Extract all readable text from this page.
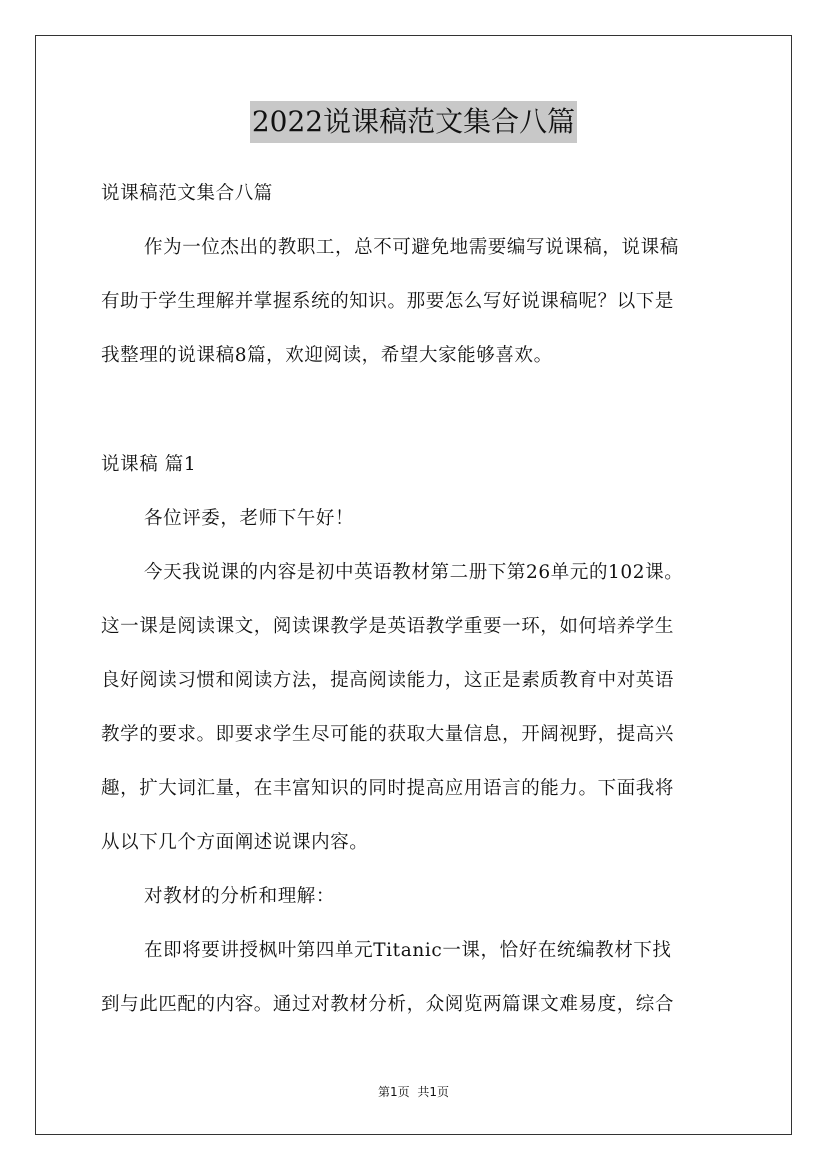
2022说课稿范文集合八篇
说课稿范文集合八篇
作为一位杰出的教职工，总不可避免地需要编写说课稿，说课稿
有助于学生理解并掌握系统的知识。那要怎么写好说课稿呢？以下是
我整理的说课稿8篇，欢迎阅读，希望大家能够喜欢。
说课稿 篇1
各位评委，老师下午好！
今天我说课的内容是初中英语教材第二册下第26单元的102课。
这一课是阅读课文，阅读课教学是英语教学重要一环，如何培养学生
良好阅读习惯和阅读方法，提高阅读能力，这正是素质教育中对英语
教学的要求。即要求学生尽可能的获取大量信息，开阔视野，提高兴
趣，扩大词汇量，在丰富知识的同时提高应用语言的能力。下面我将
从以下几个方面阐述说课内容。
对教材的分析和理解：
在即将要讲授枫叶第四单元Titanic一课，恰好在统编教材下找
到与此匹配的内容。通过对教材分析，众阅览两篇课文难易度，综合
第1页 共1页
